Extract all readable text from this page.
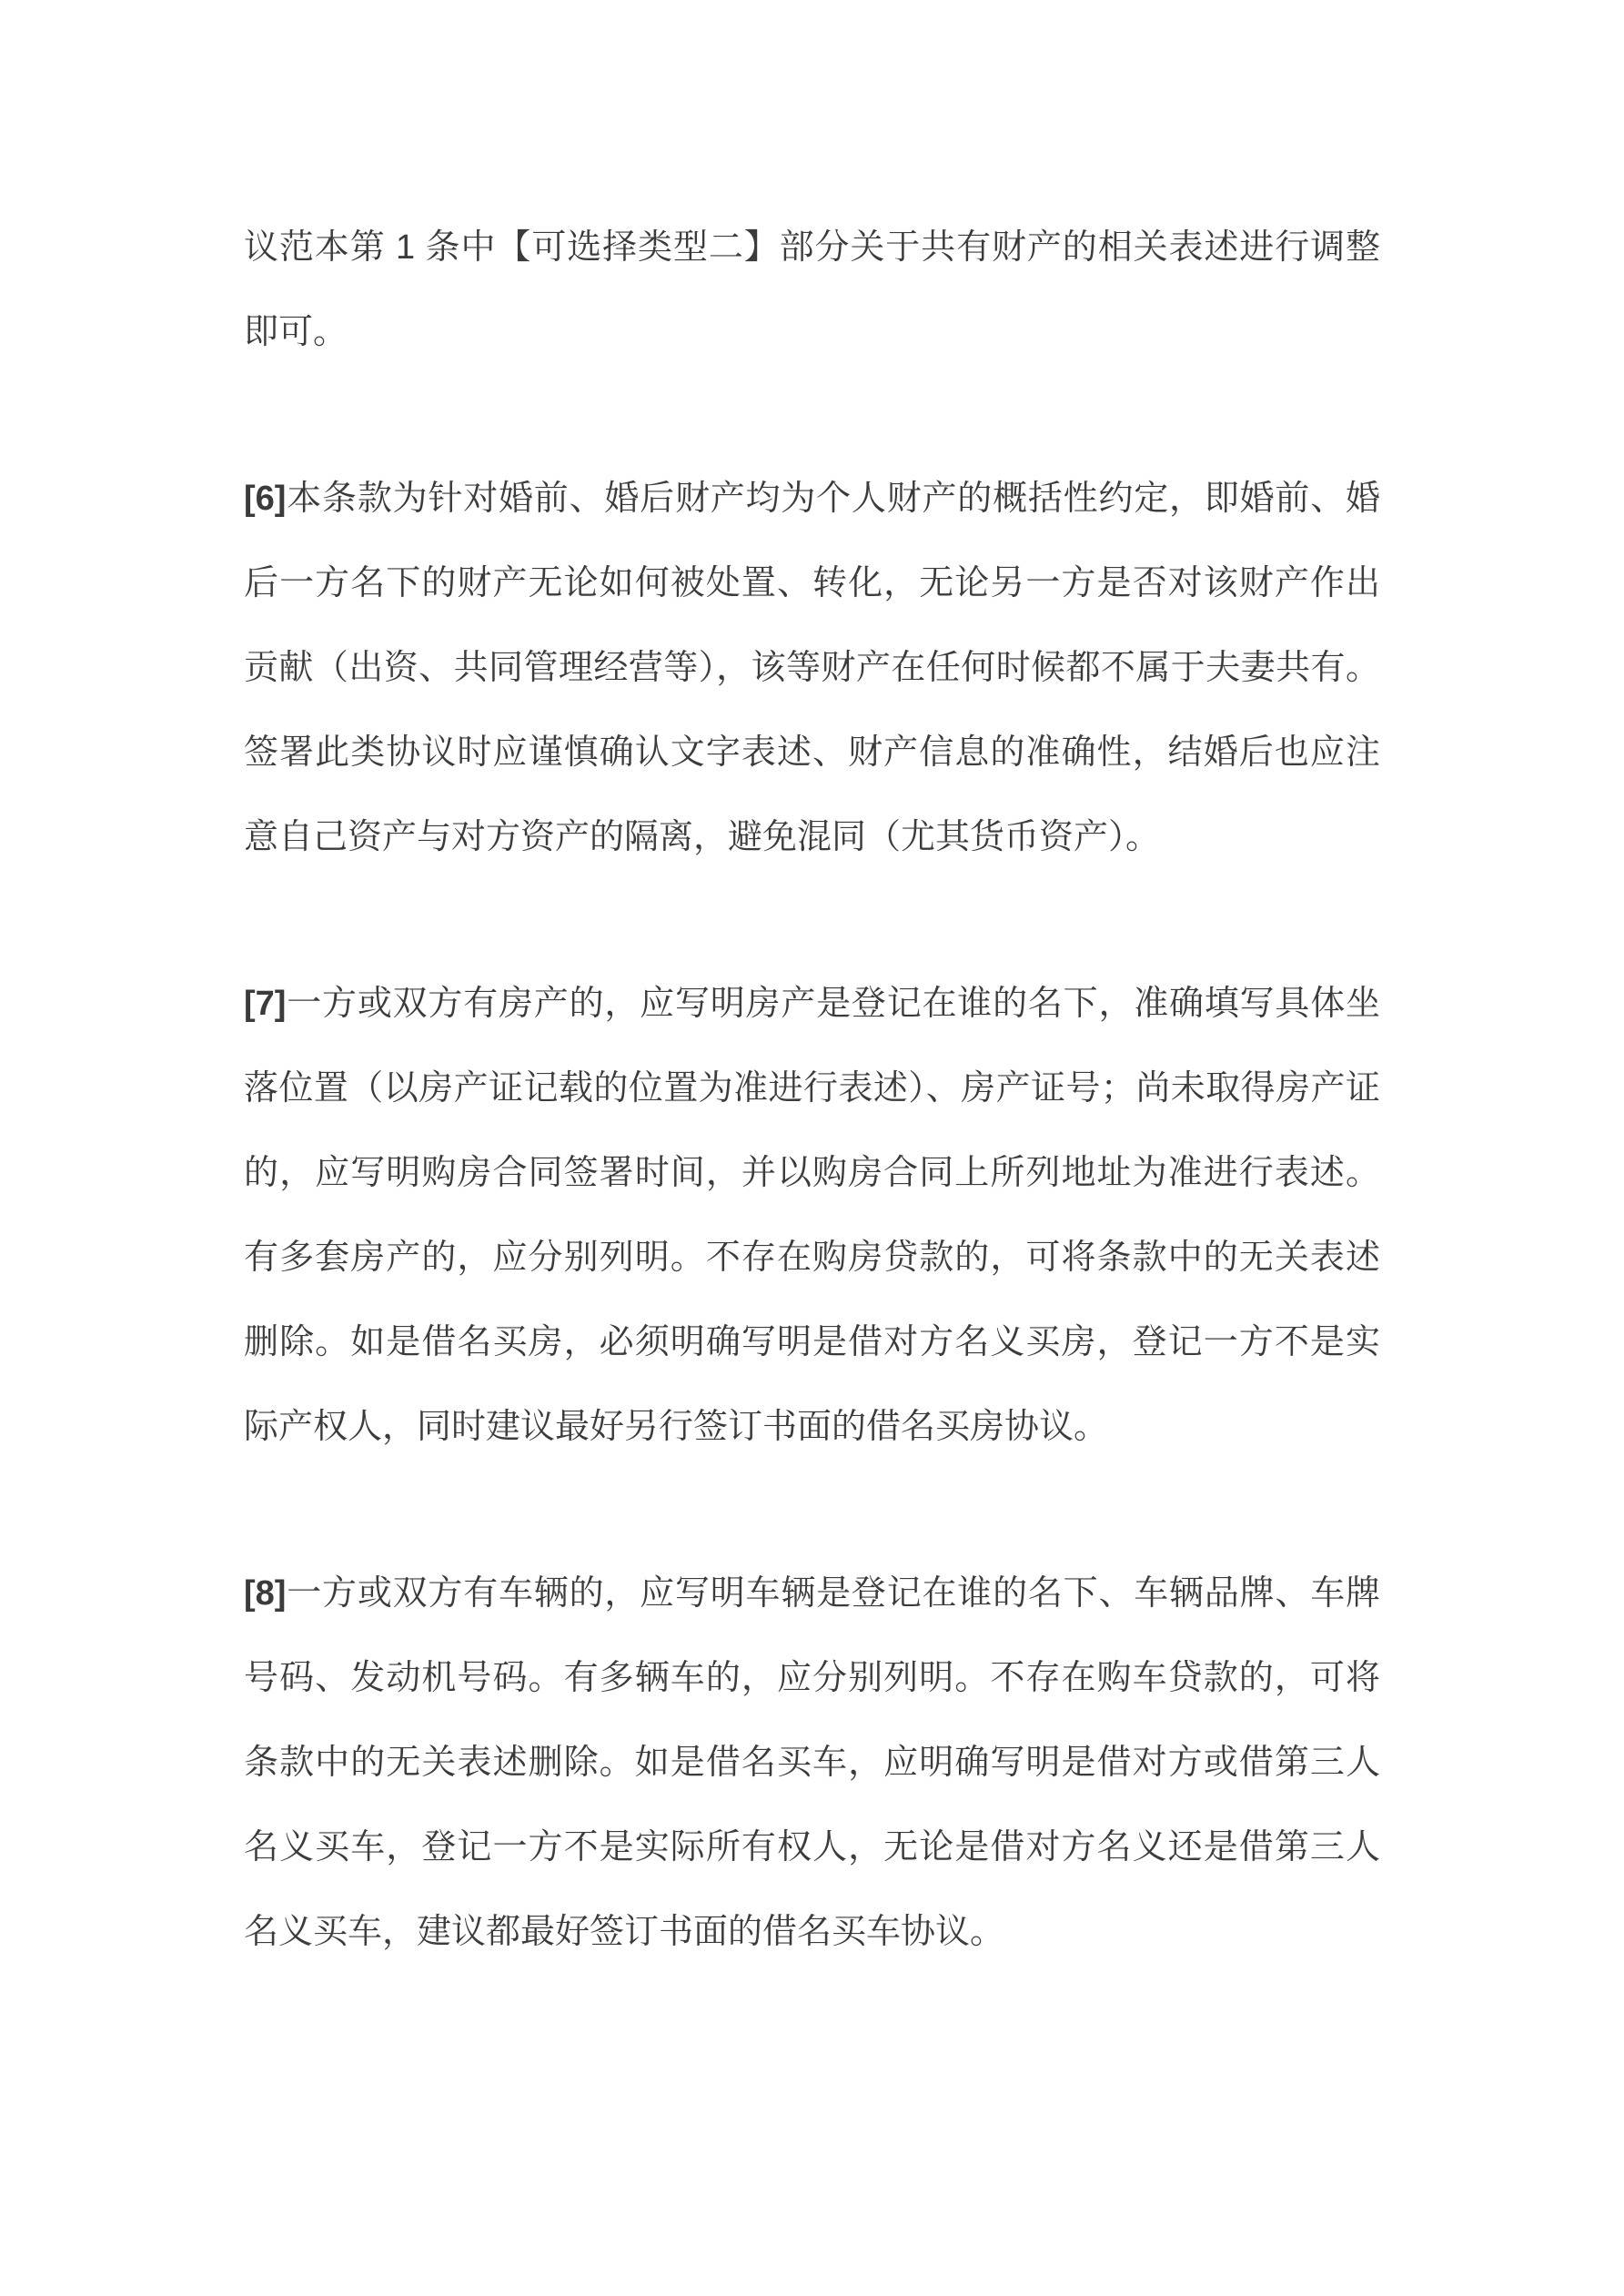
议范本第 1 条中【可选择类型二】部分关于共有财产的相关表述进行调整即可。

[6]本条款为针对婚前、婚后财产均为个人财产的概括性约定，即婚前、婚后一方名下的财产无论如何被处置、转化，无论另一方是否对该财产作出贡献（出资、共同管理经营等），该等财产在任何时候都不属于夫妻共有。签署此类协议时应谨慎确认文字表述、财产信息的准确性，结婚后也应注意自己资产与对方资产的隔离，避免混同（尤其货币资产）。

[7]一方或双方有房产的，应写明房产是登记在谁的名下，准确填写具体坐落位置（以房产证记载的位置为准进行表述）、房产证号；尚未取得房产证的，应写明购房合同签署时间，并以购房合同上所列地址为准进行表述。有多套房产的，应分别列明。不存在购房贷款的，可将条款中的无关表述删除。如是借名买房，必须明确写明是借对方名义买房，登记一方不是实际产权人，同时建议最好另行签订书面的借名买房协议。

[8]一方或双方有车辆的，应写明车辆是登记在谁的名下、车辆品牌、车牌号码、发动机号码。有多辆车的，应分别列明。不存在购车贷款的，可将条款中的无关表述删除。如是借名买车，应明确写明是借对方或借第三人名义买车，登记一方不是实际所有权人，无论是借对方名义还是借第三人名义买车，建议都最好签订书面的借名买车协议。
